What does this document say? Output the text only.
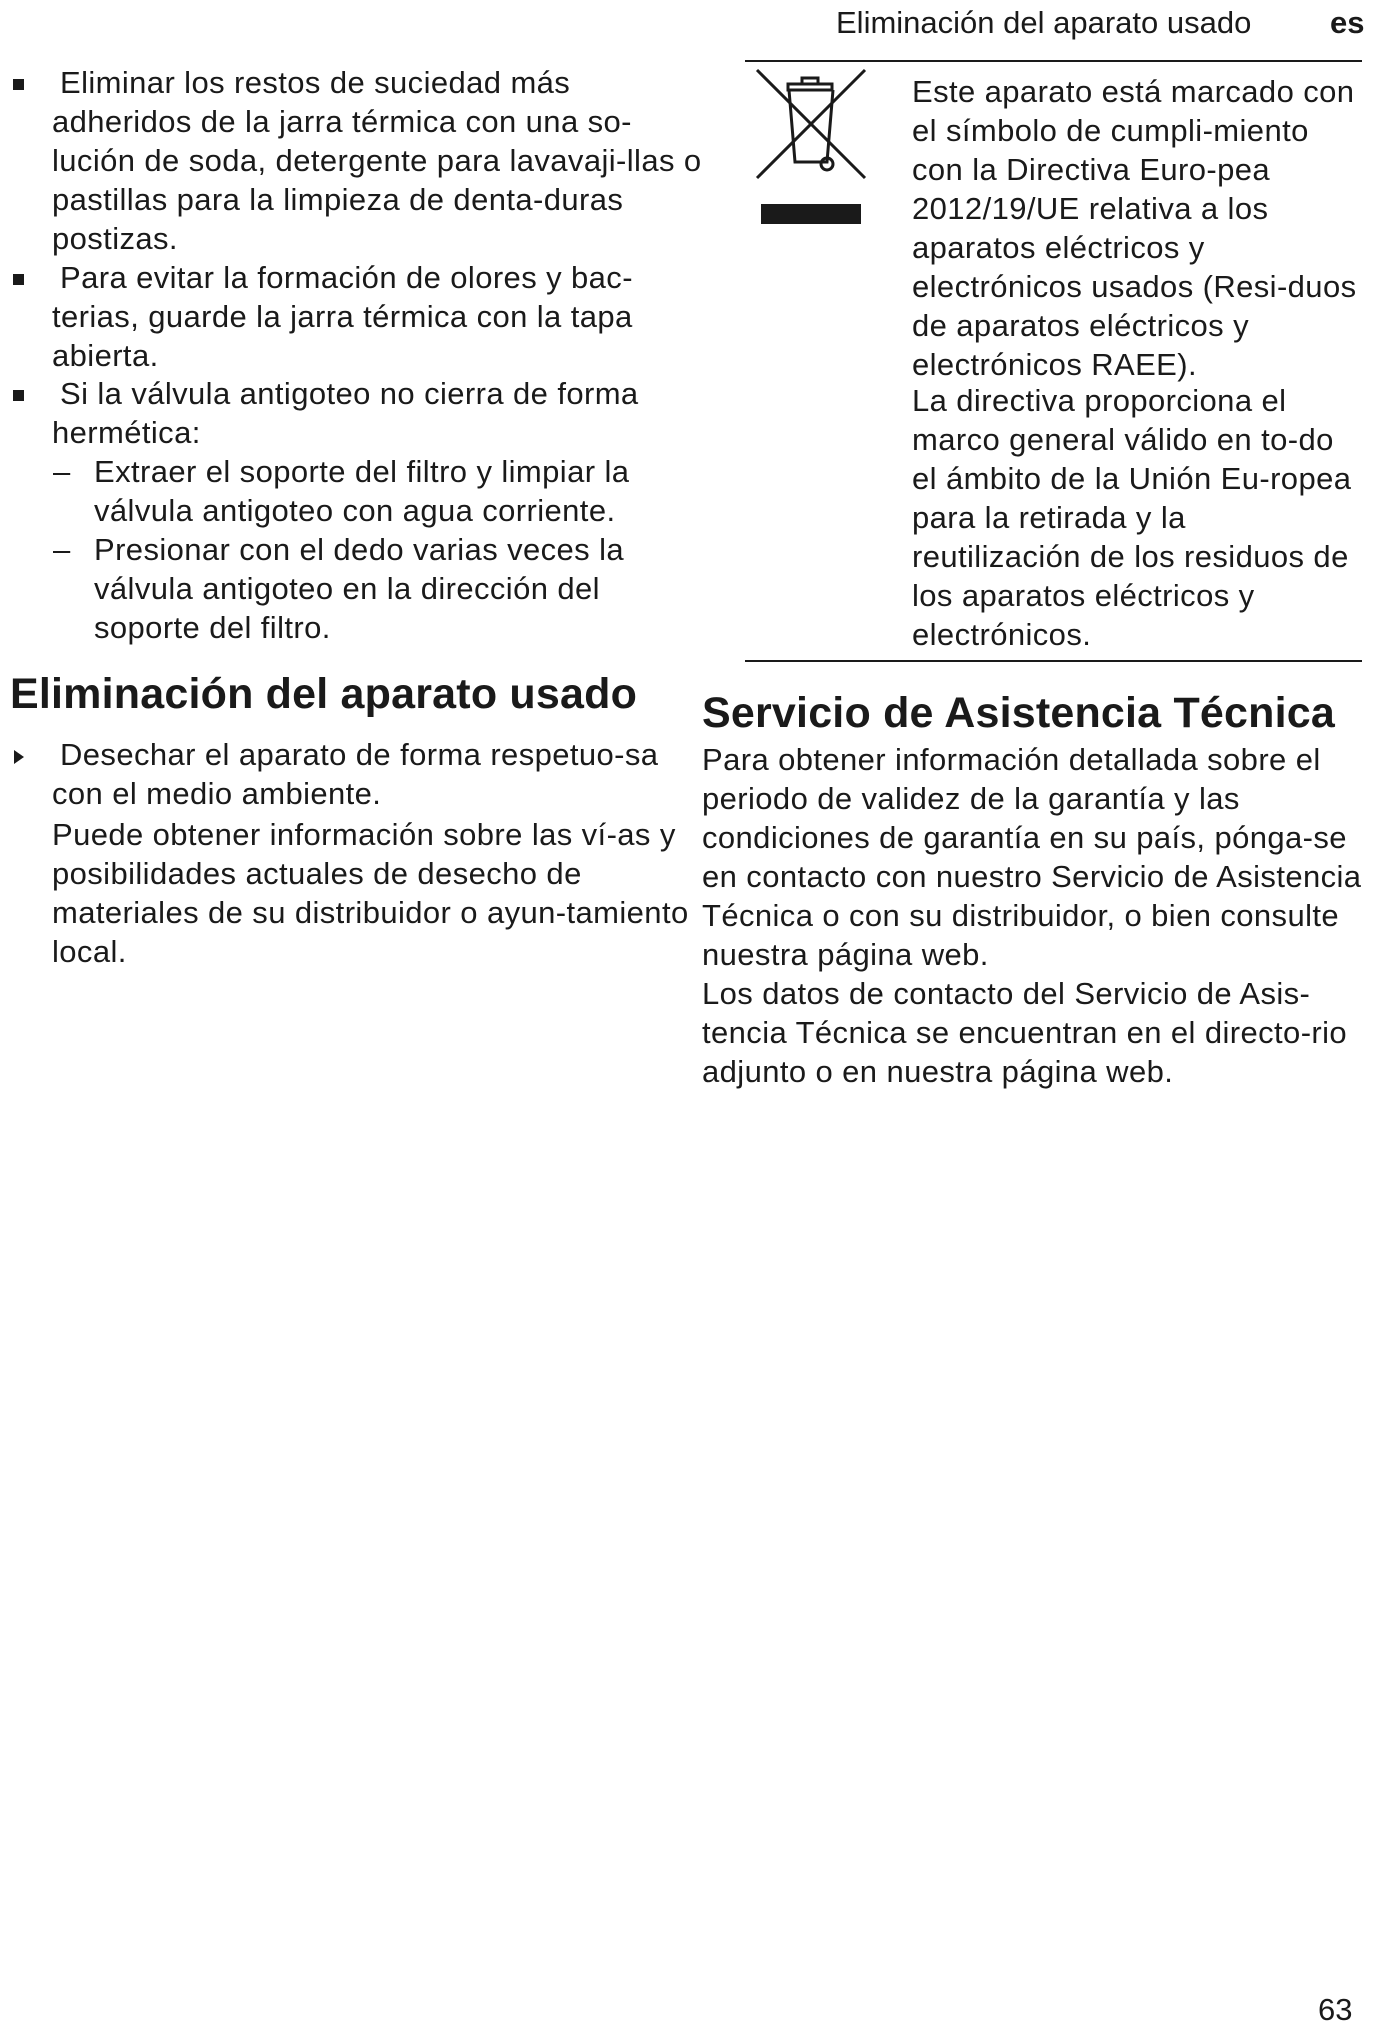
Eliminación del aparato usado	es

Eliminar los restos de suciedad más adheridos de la jarra térmica con una so-lución de soda, detergente para lavavaji-llas o pastillas para la limpieza de denta-duras postizas.

Para evitar la formación de olores y bac-terias, guarde la jarra térmica con la tapa abierta.

Si la válvula antigoteo no cierra de forma hermética:

– Extraer el soporte del filtro y limpiar la válvula antigoteo con agua corriente.

– Presionar con el dedo varias veces la válvula antigoteo en la dirección del soporte del filtro.

Eliminación del aparato usado

Desechar el aparato de forma respetuo-sa con el medio ambiente.

Puede obtener información sobre las ví-as y posibilidades actuales de desecho de materiales de su distribuidor o ayun-tamiento local.

Este aparato está marcado con el símbolo de cumpli-miento con la Directiva Euro-pea 2012/19/UE relativa a los aparatos eléctricos y electrónicos usados (Resi-duos de aparatos eléctricos y electrónicos RAEE).

La directiva proporciona el marco general válido en to-do el ámbito de la Unión Eu-ropea para la retirada y la reutilización de los residuos de los aparatos eléctricos y electrónicos.

Servicio de Asistencia Técnica

Para obtener información detallada sobre el periodo de validez de la garantía y las condiciones de garantía en su país, pónga-se en contacto con nuestro Servicio de Asistencia Técnica o con su distribuidor, o bien consulte nuestra página web.

Los datos de contacto del Servicio de Asis-tencia Técnica se encuentran en el directo-rio adjunto o en nuestra página web.

63
